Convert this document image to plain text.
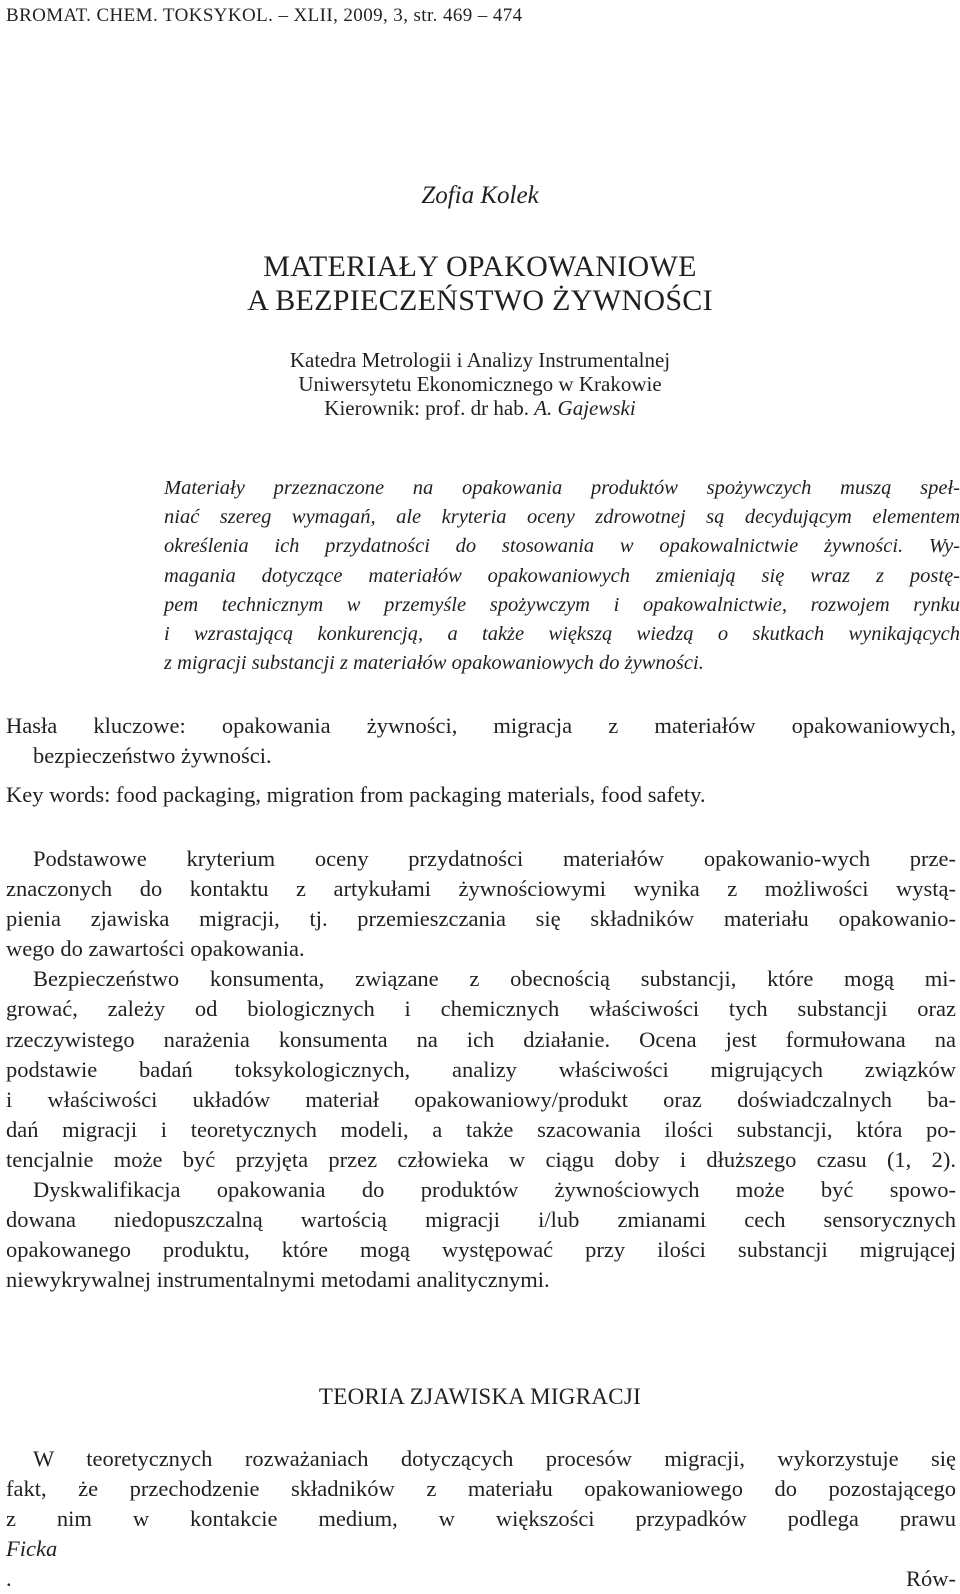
BROMAT. CHEM. TOKSYKOL. – XLII, 2009, 3, str. 469 – 474
Zofia Kolek
MATERIAŁY OPAKOWANIOWE
A BEZPIECZEŃSTWO ŻYWNOŚCI
Katedra Metrologii i Analizy Instrumentalnej
Uniwersytetu Ekonomicznego w Krakowie
Kierownik: prof. dr hab. A. Gajewski
Materiały przeznaczone na opakowania produktów spożywczych muszą speł-
niać szereg wymagań, ale kryteria oceny zdrowotnej są decydującym elementem
określenia ich przydatności do stosowania w opakowalnictwie żywności. Wy-
magania dotyczące materiałów opakowaniowych zmieniają się wraz z postę-
pem technicznym w przemyśle spożywczym i opakowalnictwie, rozwojem rynku
i wzrastającą konkurencją, a także większą wiedzą o skutkach wynikających
z migracji substancji z materiałów opakowaniowych do żywności.
Hasła kluczowe: opakowania żywności, migracja z materiałów opakowaniowych,
bezpieczeństwo żywności.
Key words: food packaging, migration from packaging materials, food safety.
Podstawowe kryterium oceny przydatności materiałów opakowanio-wych prze-
znaczonych do kontaktu z artykułami żywnościowymi wynika z możliwości wystą-
pienia zjawiska migracji, tj. przemieszczania się składników materiału opakowanio-
wego do zawartości opakowania.
Bezpieczeństwo konsumenta, związane z obecnością substancji, które mogą mi-
grować, zależy od biologicznych i chemicznych właściwości tych substancji oraz
rzeczywistego narażenia konsumenta na ich działanie. Ocena jest formułowana na
podstawie badań toksykologicznych, analizy właściwości migrujących związków
i właściwości układów materiał opakowaniowy/produkt oraz doświadczalnych ba-
dań migracji i teoretycznych modeli, a także szacowania ilości substancji, która po-
tencjalnie może być przyjęta przez człowieka w ciągu doby i dłuższego czasu (1, 2).
Dyskwalifikacja opakowania do produktów żywnościowych może być spowo-
dowana niedopuszczalną wartością migracji i/lub zmianami cech sensorycznych
opakowanego produktu, które mogą występować przy ilości substancji migrującej
niewykrywalnej instrumentalnymi metodami analitycznymi.
TEORIA ZJAWISKA MIGRACJI
W teoretycznych rozważaniach dotyczących procesów migracji, wykorzystuje się
fakt, że przechodzenie składników z materiału opakowaniowego do pozostającego
z nim w kontakcie medium, w większości przypadków podlega prawu
Ficka
. Rów-
